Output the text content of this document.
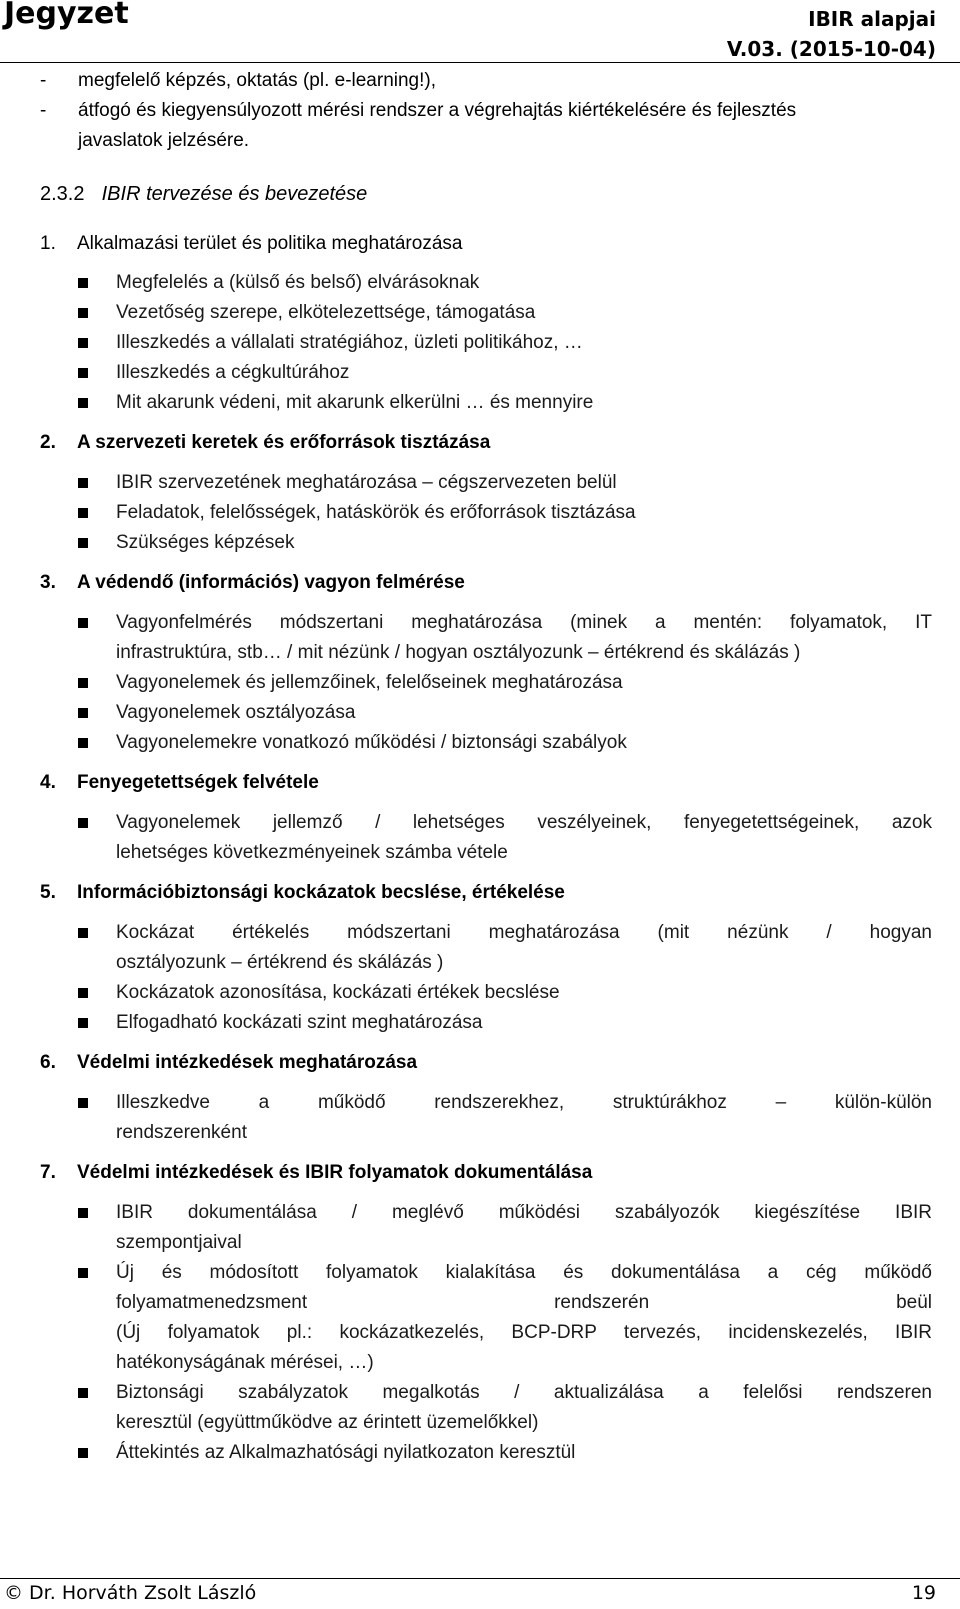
Jegyzet	IBIR alapjai
V.03. (2015-10-04)
-	megfelelő képzés, oktatás (pl. e-learning!),
-	átfogó és kiegyensúlyozott mérési rendszer a végrehajtás kiértékelésére és fejlesztés
javaslatok jelzésére.
2.3.2 IBIR tervezése és bevezetése
1. Alkalmazási terület és politika meghatározása
Megfelelés a (külső és belső) elvárásoknak
Vezetőség szerepe, elkötelezettsége, támogatása
Illeszkedés a vállalati stratégiához, üzleti politikához, …
Illeszkedés a cégkultúrához
Mit akarunk védeni, mit akarunk elkerülni … és mennyire
2. A szervezeti keretek és erőforrások tisztázása
IBIR szervezetének meghatározása – cégszervezeten belül
Feladatok, felelősségek, hatáskörök és erőforrások tisztázása
Szükséges képzések
3. A védendő (információs) vagyon felmérése
Vagyonfelmérés módszertani meghatározása (minek a mentén: folyamatok, IT
infrastruktúra, stb… / mit nézünk / hogyan osztályozunk – értékrend és skálázás )
Vagyonelemek és jellemzőinek, felelőseinek meghatározása
Vagyonelemek osztályozása
Vagyonelemekre vonatkozó működési / biztonsági szabályok
4. Fenyegetettségek felvétele
Vagyonelemek jellemző / lehetséges veszélyeinek, fenyegetettségeinek, azok
lehetséges következményeinek számba vétele
5. Információbiztonsági kockázatok becslése, értékelése
Kockázat értékelés módszertani meghatározása (mit nézünk / hogyan
osztályozunk – értékrend és skálázás )
Kockázatok azonosítása, kockázati értékek becslése
Elfogadható kockázati szint meghatározása
6. Védelmi intézkedések meghatározása
Illeszkedve a működő rendszerekhez, struktúrákhoz – külön-külön
rendszerenként
7. Védelmi intézkedések és IBIR folyamatok dokumentálása
IBIR dokumentálása / meglévő működési szabályozók kiegészítése IBIR
szempontjaival
Új és módosított folyamatok kialakítása és dokumentálása a cég működő
folyamatmenedzsment rendszerén beül
(Új folyamatok pl.: kockázatkezelés, BCP-DRP tervezés, incidenskezelés, IBIR
hatékonyságának mérései, …)
Biztonsági szabályzatok megalkotás / aktualizálása a felelősi rendszeren
keresztül (együttműködve az érintett üzemelőkkel)
Áttekintés az Alkalmazhatósági nyilatkozaton keresztül
© Dr. Horváth Zsolt László	19
